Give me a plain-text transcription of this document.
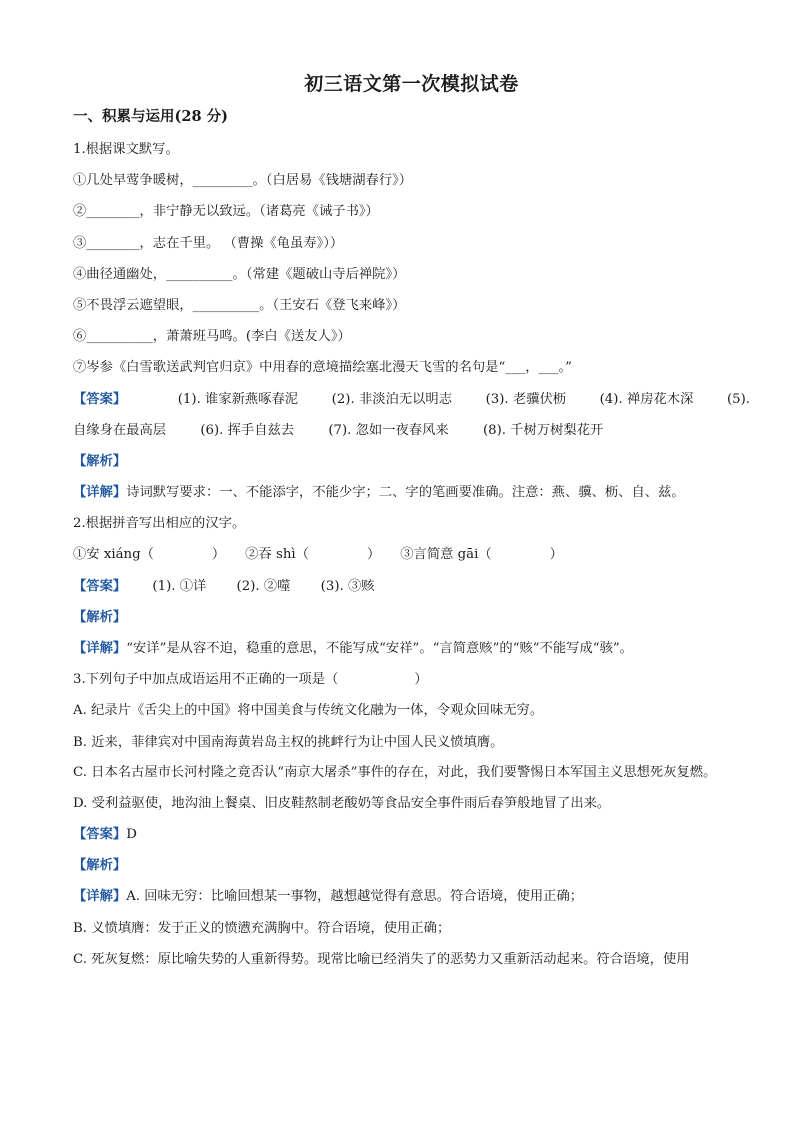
初三语文第一次模拟试卷
一、积累与运用(28 分)
1.根据课文默写。
①几处早莺争暖树，_________。（白居易《钱塘湖春行》）
②________，非宁静无以致远。（诸葛亮《诫子书》）
③________，志在千里。 （曹操《龟虽寿》））
④曲径通幽处，__________。（常建《题破山寺后禅院》）
⑤不畏浮云遮望眼，__________。（王安石《登飞来峰》）
⑥__________，萧萧班马鸣。(李白《送友人》）
⑦岑参《白雪歌送武判官归京》中用春的意境描绘塞北漫天飞雪的名句是“___，___。”
【答案】	(1). 谁家新燕啄春泥	(2). 非淡泊无以明志	(3). 老骥伏枥	(4). 禅房花木深	(5).
自缘身在最高层	(6). 挥手自兹去	(7). 忽如一夜春风来	(8). 千树万树梨花开
【解析】
【详解】诗词默写要求：一、不能添字，不能少字；二、字的笔画要准确。注意：燕、骥、枥、自、兹。
2.根据拼音写出相应的汉字。
①安 xiáng（	） ②吞 shì（	） ③言简意 gāi（	）
【答案】 (1). ①详 (2). ②噬 (3). ③赅
【解析】
【详解】“安详”是从容不迫，稳重的意思，不能写成“安祥”。“言简意赅”的“赅”不能写成“骇”。
3.下列句子中加点成语运用不正确的一项是（	）
A. 纪录片《舌尖上的中国》将中国美食与传统文化融为一体，令观众回味无穷。
B. 近来，菲律宾对中国南海黄岩岛主权的挑衅行为让中国人民义愤填膺。
C. 日本名古屋市长河村隆之竟否认“南京大屠杀”事件的存在，对此，我们要警惕日本军国主义思想死灰复燃。
D. 受利益驱使，地沟油上餐桌、旧皮鞋熬制老酸奶等食品安全事件雨后春笋般地冒了出来。
【答案】D
【解析】
【详解】A. 回味无穷：比喻回想某一事物，越想越觉得有意思。符合语境，使用正确；
B. 义愤填膺：发于正义的愤懑充满胸中。符合语境，使用正确；
C. 死灰复燃：原比喻失势的人重新得势。现常比喻已经消失了的恶势力又重新活动起来。符合语境，使用
